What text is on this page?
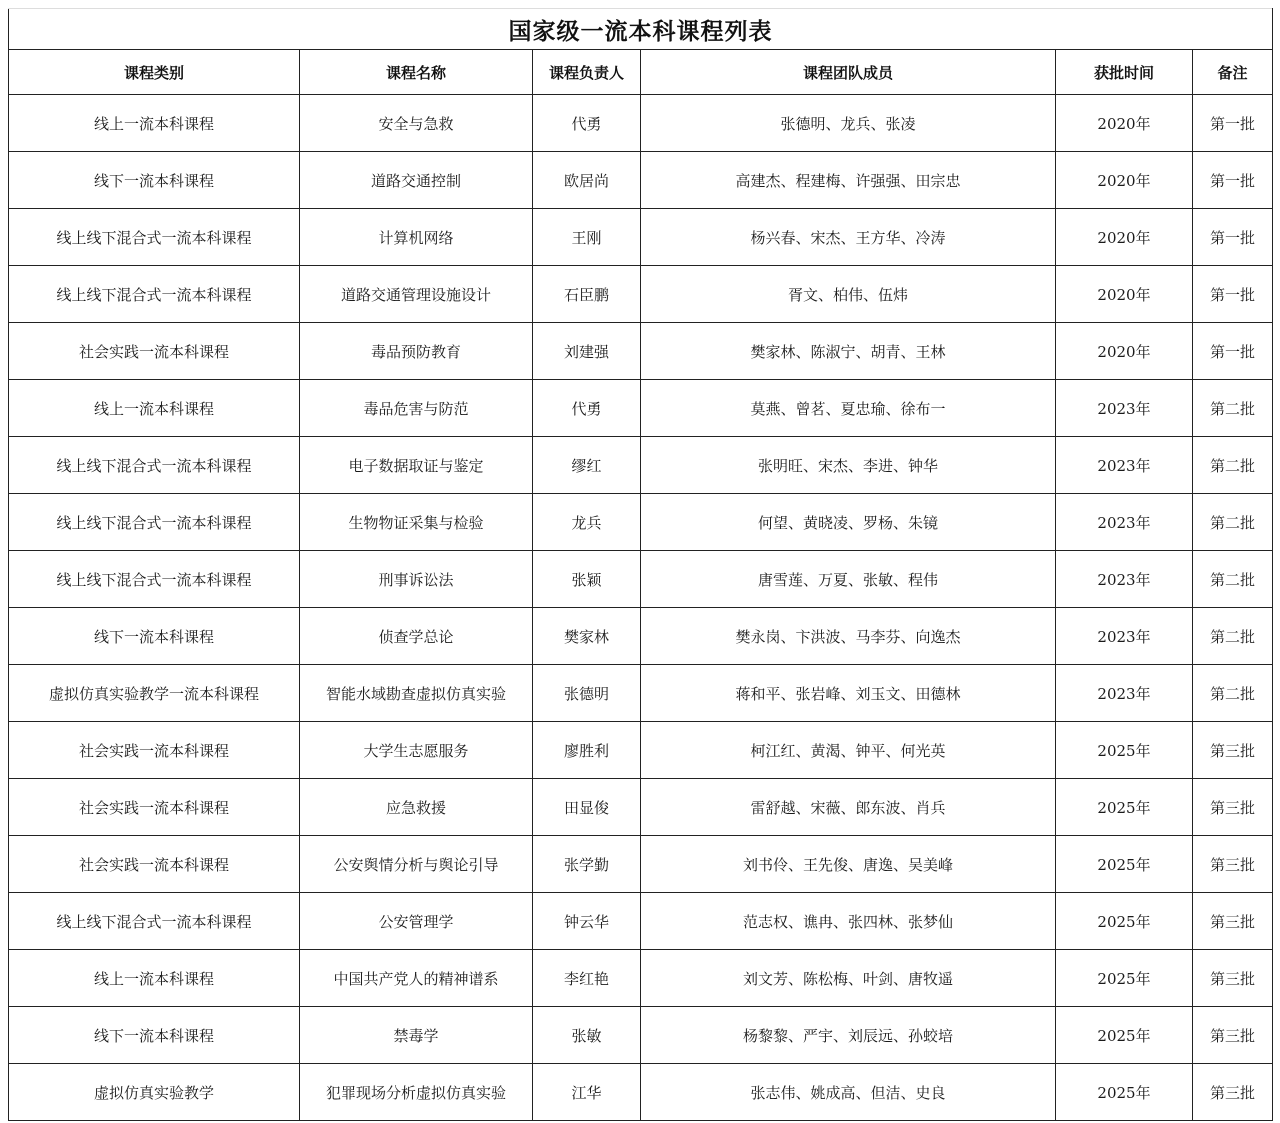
国家级一流本科课程列表					
课程类别	课程名称	课程负责人	课程团队成员	获批时间	备注
线上一流本科课程	安全与急救	代勇	张德明、龙兵、张凌	2020年	第一批
线下一流本科课程	道路交通控制	欧居尚	高建杰、程建梅、许强强、田宗忠	2020年	第一批
线上线下混合式一流本科课程	计算机网络	王刚	杨兴春、宋杰、王方华、冷涛	2020年	第一批
线上线下混合式一流本科课程	道路交通管理设施设计	石臣鹏	胥文、柏伟、伍炜	2020年	第一批
社会实践一流本科课程	毒品预防教育	刘建强	樊家林、陈淑宁、胡青、王林	2020年	第一批
线上一流本科课程	毒品危害与防范	代勇	莫燕、曾茗、夏忠瑜、徐布一	2023年	第二批
线上线下混合式一流本科课程	电子数据取证与鉴定	缪红	张明旺、宋杰、李进、钟华	2023年	第二批
线上线下混合式一流本科课程	生物物证采集与检验	龙兵	何望、黄晓凌、罗杨、朱镜	2023年	第二批
线上线下混合式一流本科课程	刑事诉讼法	张颖	唐雪莲、万夏、张敏、程伟	2023年	第二批
线下一流本科课程	侦查学总论	樊家林	樊永岗、卞洪波、马李芬、向逸杰	2023年	第二批
虚拟仿真实验教学一流本科课程	智能水域勘查虚拟仿真实验	张德明	蒋和平、张岩峰、刘玉文、田德林	2023年	第二批
社会实践一流本科课程	大学生志愿服务	廖胜利	柯江红、黄渴、钟平、何光英	2025年	第三批
社会实践一流本科课程	应急救援	田显俊	雷舒越、宋薇、郎东波、肖兵	2025年	第三批
社会实践一流本科课程	公安舆情分析与舆论引导	张学勤	刘书伶、王先俊、唐逸、吴美峰	2025年	第三批
线上线下混合式一流本科课程	公安管理学	钟云华	范志权、谯冉、张四林、张梦仙	2025年	第三批
线上一流本科课程	中国共产党人的精神谱系	李红艳	刘文芳、陈松梅、叶剑、唐牧遥	2025年	第三批
线下一流本科课程	禁毒学	张敏	杨黎黎、严宇、刘辰远、孙蛟培	2025年	第三批
虚拟仿真实验教学	犯罪现场分析虚拟仿真实验	江华	张志伟、姚成高、但洁、史良	2025年	第三批
